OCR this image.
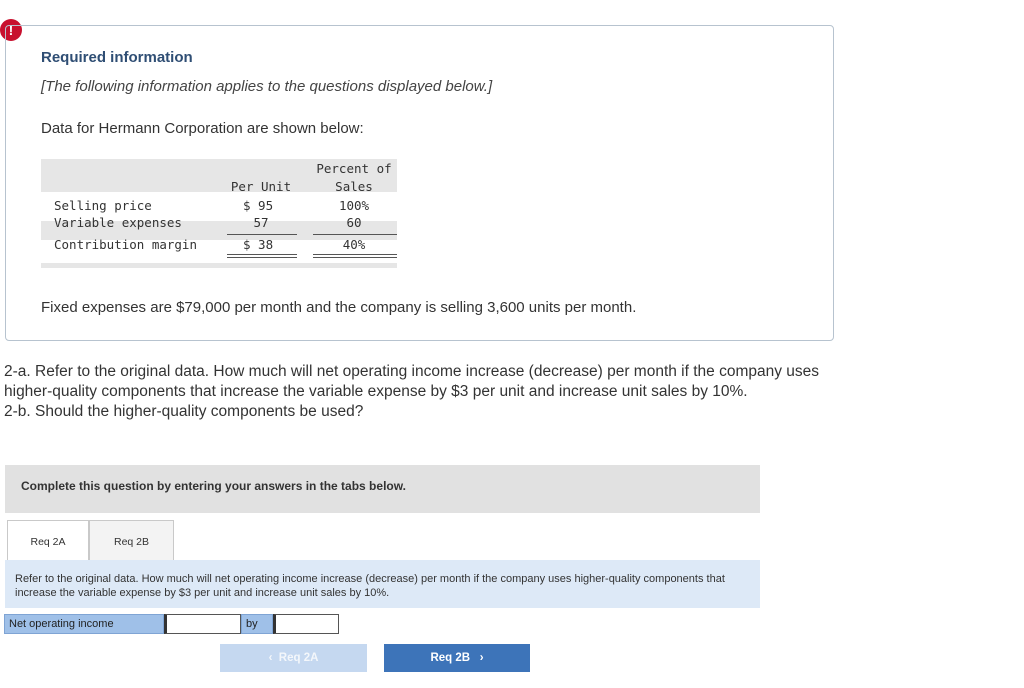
!
Required information
[The following information applies to the questions displayed below.]
Data for Hermann Corporation are shown below:
Percent of
Per Unit	Sales
Selling price	$ 95	100%
Variable expenses	57	60
Contribution margin	$ 38	40%
Fixed expenses are $79,000 per month and the company is selling 3,600 units per month.

2-a. Refer to the original data. How much will net operating income increase (decrease) per month if the company uses higher-quality components that increase the variable expense by $3 per unit and increase unit sales by 10%.

2-b. Should the higher-quality components be used?

Complete this question by entering your answers in the tabs below.
Req 2A	Req 2B
Refer to the original data. How much will net operating income increase (decrease) per month if the company uses higher-quality components that increase the variable expense by $3 per unit and increase unit sales by 10%.
Net operating income	by
‹ Req 2A	Req 2B ›
